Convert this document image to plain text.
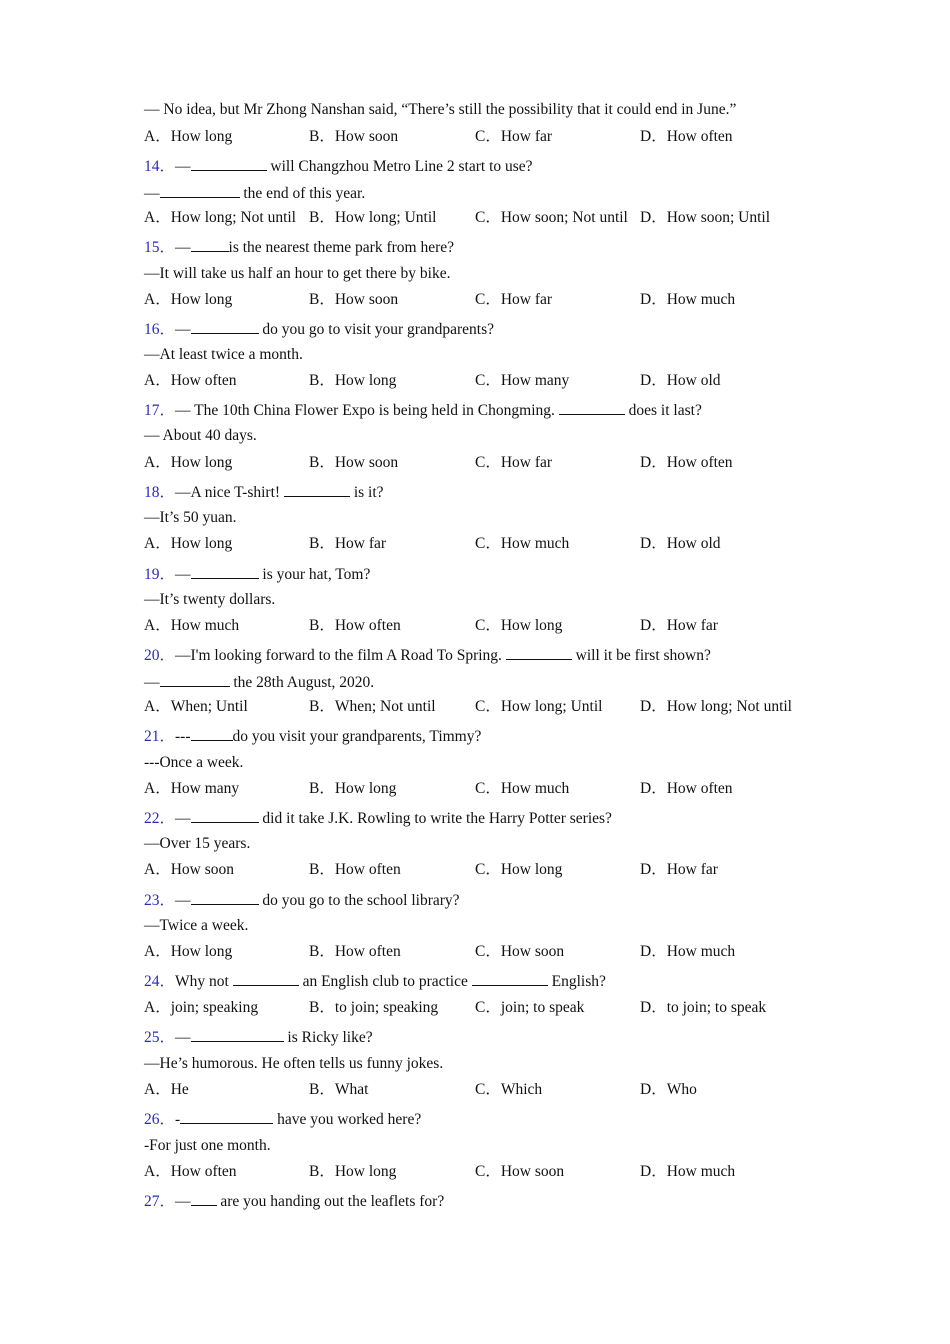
— No idea, but Mr Zhong Nanshan said, “There’s still the possibility that it could end in June.”
A．How long	B．How soon	C．How far	D．How often
14．—	will Changzhou Metro Line 2 start to use?
—	the end of this year.
A．How long; Not until B．How long; Until C．How soon; Not until D．How soon; Until
15．— is the nearest theme park from here?
—It will take us half an hour to get there by bike.
A．How long	B．How soon	C．How far	D．How much
16．—	do you go to visit your grandparents?
—At least twice a month.
A．How often	B．How long	C．How many	D．How old
17．— The 10th China Flower Expo is being held in Chongming.	does it last?
— About 40 days.
A．How long	B．How soon	C．How far	D．How often
18．—A nice T-shirt!	is it?
—It’s 50 yuan.
A．How long	B．How far	C．How much	D．How old
19．—	is your hat, Tom?
—It’s twenty dollars.
A．How much	B．How often	C．How long	D．How far
20．—I'm looking forward to the film A Road To Spring.	will it be first shown?
—	the 28th August, 2020.
A．When; Until	B．When; Not until	C．How long; Until D．How long; Not until
21．---	do you visit your grandparents, Timmy?
---Once a week.
A．How many	B．How long	C．How much	D．How often
22．—	did it take J.K. Rowling to write the Harry Potter series?
—Over 15 years.
A．How soon	B．How often	C．How long	D．How far
23．—	do you go to the school library?
—Twice a week.
A．How long	B．How often	C．How soon	D．How much
24．Why not	an English club to practice	English?
A．join; speaking	B．to join; speaking C．join; to speak	D．to join; to speak
25．—	is Ricky like?
—He’s humorous. He often tells us funny jokes.
A．He	B．What	C．Which	D．Who
26．-	have you worked here?
-For just one month.
A．How often	B．How long	C．How soon	D．How much
27．— are you handing out the leaflets for?
